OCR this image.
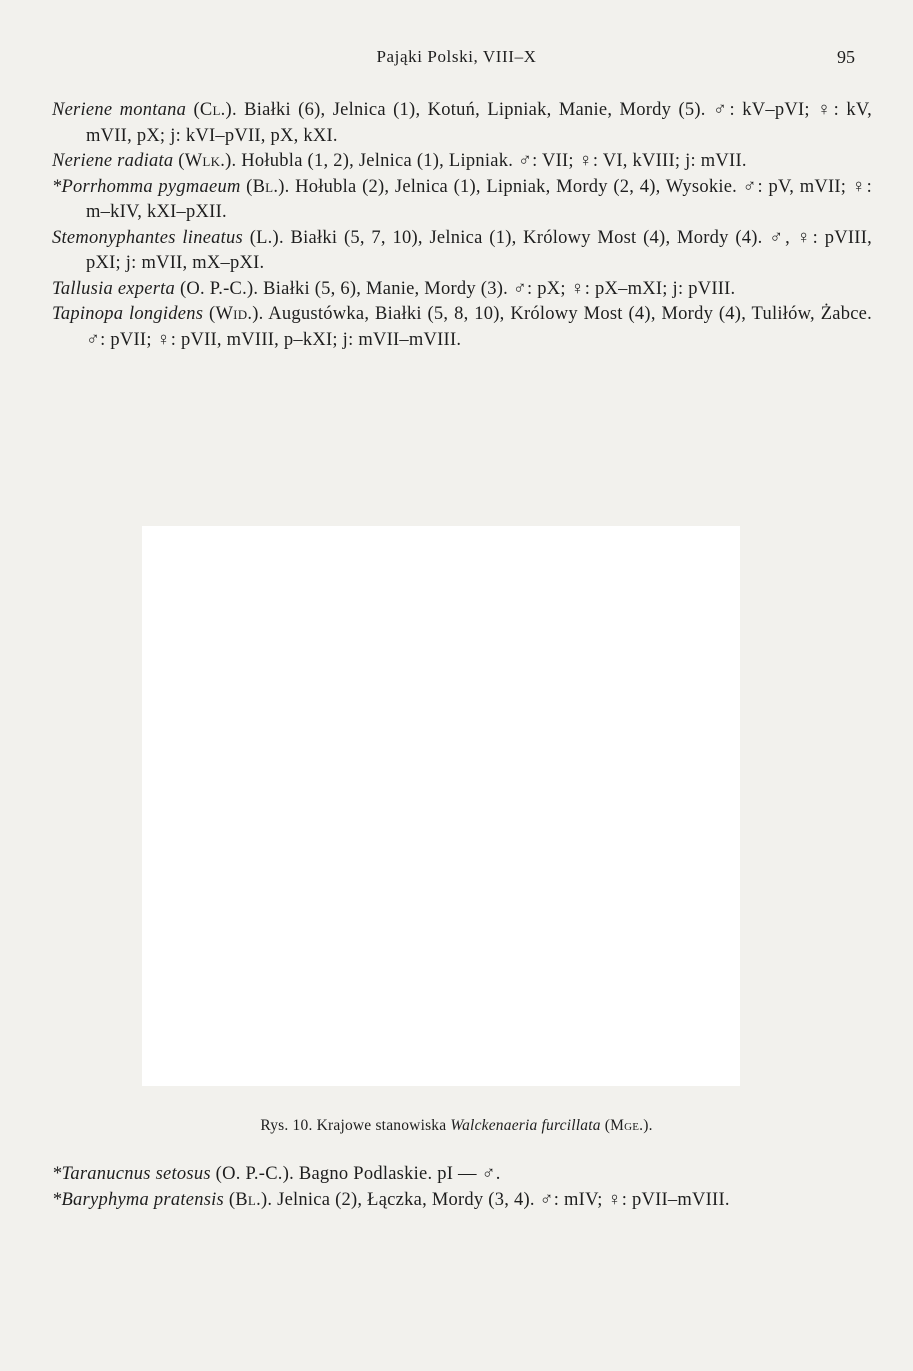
Pająki Polski, VIII–X	95

Neriene montana (Cl.). Białki (6), Jelnica (1), Kotuń, Lipniak, Manie, Mordy (5). ♂: kV–pVI; ♀: kV, mVII, pX; j: kVI–pVII, pX, kXI.

Neriene radiata (Wlk.). Hołubla (1, 2), Jelnica (1), Lipniak. ♂: VII; ♀: VI, kVIII; j: mVII.

*Porrhomma pygmaeum (Bl.). Hołubla (2), Jelnica (1), Lipniak, Mordy (2, 4), Wysokie. ♂: pV, mVII; ♀: m–kIV, kXI–pXII.

Stemonyphantes lineatus (L.). Białki (5, 7, 10), Jelnica (1), Królowy Most (4), Mordy (4). ♂, ♀: pVIII, pXI; j: mVII, mX–pXI.

Tallusia experta (O. P.-C.). Białki (5, 6), Manie, Mordy (3). ♂: pX; ♀: pX–mXI; j: pVIII.

Tapinopa longidens (Wid.). Augustówka, Białki (5, 8, 10), Królowy Most (4), Mordy (4), Tuliłów, Żabce. ♂: pVII; ♀: pVII, mVIII, p–kXI; j: mVII–mVIII.

Rys. 10. Krajowe stanowiska Walckenaeria furcillata (Mge.).

*Taranucnus setosus (O. P.-C.). Bagno Podlaskie. pI — ♂.

*Baryphyma pratensis (Bl.). Jelnica (2), Łączka, Mordy (3, 4). ♂: mIV; ♀: pVII–mVIII.
